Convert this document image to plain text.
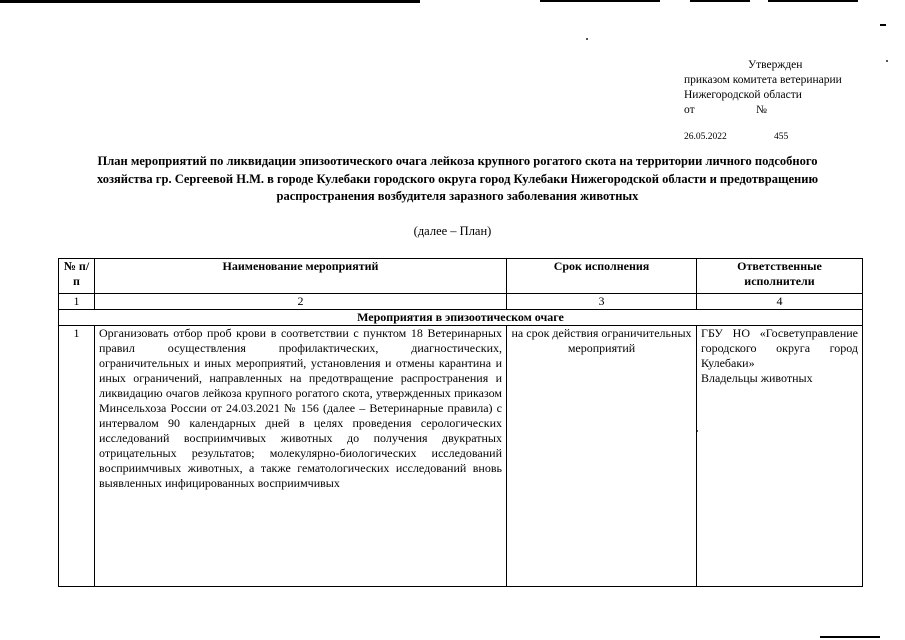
Утвержден
приказом комитета ветеринарии
Нижегородской области
от	№
26.05.2022	455
План мероприятий по ликвидации эпизоотического очага лейкоза крупного рогатого скота на территории личного подсобного хозяйства гр. Сергеевой Н.М. в городе Кулебаки городского округа город Кулебаки Нижегородской области и предотвращению распространения возбудителя заразного заболевания животных
(далее – План)
№ п/п	Наименование мероприятий	Срок исполнения	Ответственные исполнители
1	2	3	4
Мероприятия в эпизоотическом очаге			
1	Организовать отбор проб крови в соответствии с пунктом 18 Ветеринарных правил осуществления профилактических, диагностических, ограничительных и иных мероприятий, установления и отмены карантина и иных ограничений, направленных на предотвращение распространения и ликвидацию очагов лейкоза крупного рогатого скота, утвержденных приказом Минсельхоза России от 24.03.2021 № 156 (далее – Ветеринарные правила) с интервалом 90 календарных дней в целях проведения серологических исследований восприимчивых животных до получения двукратных отрицательных результатов; молекулярно-биологических исследований восприимчивых животных, а также гематологических исследований вновь выявленных инфицированных восприимчивых	на срок действия ограничительных мероприятий	ГБУ НО «Госветуправление городского округа город Кулебаки»
Владельцы животных
